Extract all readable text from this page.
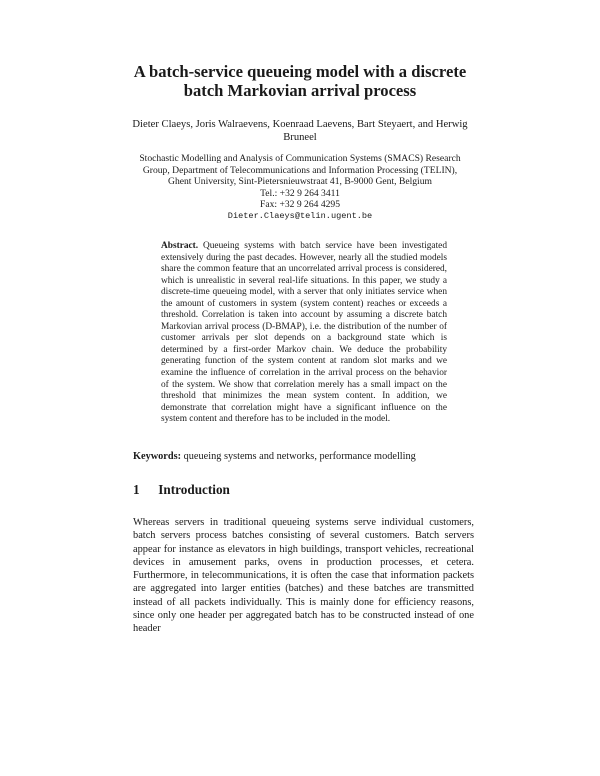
A batch-service queueing model with a discrete batch Markovian arrival process

Dieter Claeys, Joris Walraevens, Koenraad Laevens, Bart Steyaert, and Herwig Bruneel

Stochastic Modelling and Analysis of Communication Systems (SMACS) Research Group, Department of Telecommunications and Information Processing (TELIN), Ghent University, Sint-Pietersnieuwstraat 41, B-9000 Gent, Belgium
Tel.: +32 9 264 3411
Fax: +32 9 264 4295
Dieter.Claeys@telin.ugent.be

Abstract. Queueing systems with batch service have been investigated extensively during the past decades. However, nearly all the studied models share the common feature that an uncorrelated arrival process is considered, which is unrealistic in several real-life situations. In this paper, we study a discrete-time queueing model, with a server that only initiates service when the amount of customers in system (system content) reaches or exceeds a threshold. Correlation is taken into account by assuming a discrete batch Markovian arrival process (D-BMAP), i.e. the distribution of the number of customer arrivals per slot depends on a background state which is determined by a first-order Markov chain. We deduce the probability generating function of the system content at random slot marks and we examine the influence of correlation in the arrival process on the behavior of the system. We show that correlation merely has a small impact on the threshold that minimizes the mean system content. In addition, we demonstrate that correlation might have a significant influence on the system content and therefore has to be included in the model.

Keywords: queueing systems and networks, performance modelling

1 Introduction

Whereas servers in traditional queueing systems serve individual customers, batch servers process batches consisting of several customers. Batch servers appear for instance as elevators in high buildings, transport vehicles, recreational devices in amusement parks, ovens in production processes, et cetera. Furthermore, in telecommunications, it is often the case that information packets are aggregated into larger entities (batches) and these batches are transmitted instead of all packets individually. This is mainly done for efficiency reasons, since only one header per aggregated batch has to be constructed instead of one header
